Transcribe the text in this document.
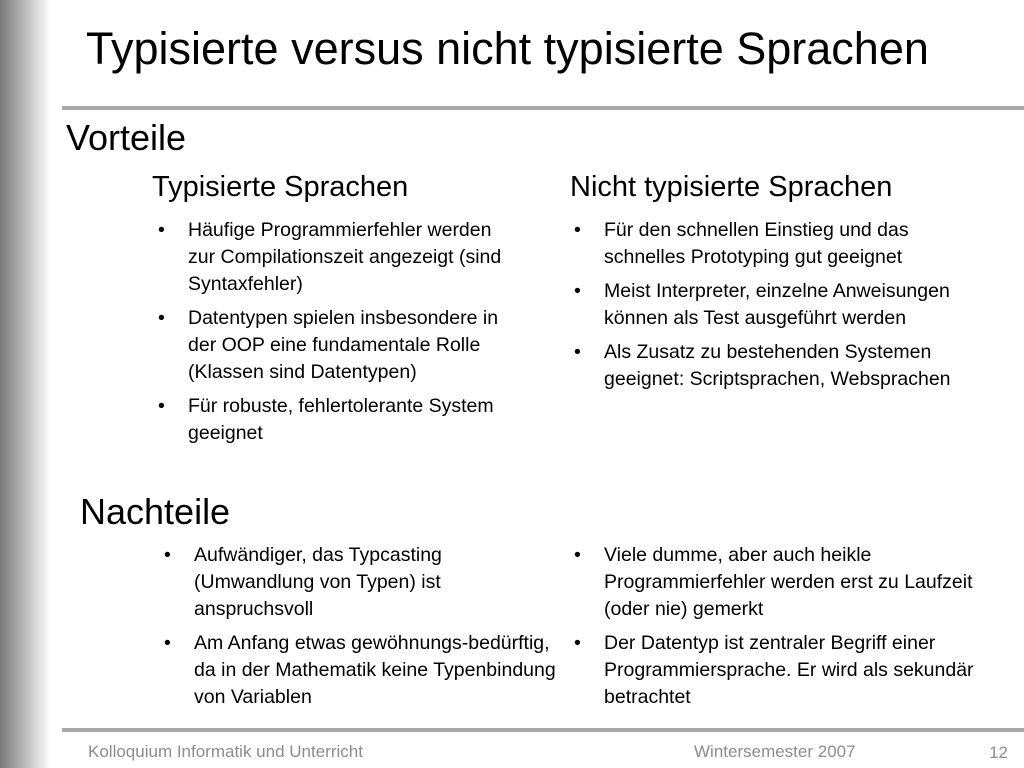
Typisierte versus nicht typisierte Sprachen
Vorteile
Typisierte Sprachen	Nicht typisierte Sprachen
• Häufige Programmierfehler werden zur Compilationszeit angezeigt (sind Syntaxfehler)
• Datentypen spielen insbesondere in der OOP eine fundamentale Rolle (Klassen sind Datentypen)
• Für robuste, fehlertolerante System geeignet
• Für den schnellen Einstieg und das schnelles Prototyping gut geeignet
• Meist Interpreter, einzelne Anweisungen können als Test ausgeführt werden
• Als Zusatz zu bestehenden Systemen geeignet: Scriptsprachen, Websprachen
Nachteile
• Aufwändiger, das Typcasting (Umwandlung von Typen) ist anspruchsvoll
• Am Anfang etwas gewöhnungs-bedürftig, da in der Mathematik keine Typenbindung von Variablen
• Viele dumme, aber auch heikle Programmierfehler werden erst zu Laufzeit (oder nie) gemerkt
• Der Datentyp ist zentraler Begriff einer Programmiersprache. Er wird als sekundär betrachtet
Kolloquium Informatik und Unterricht	Wintersemester 2007	12
